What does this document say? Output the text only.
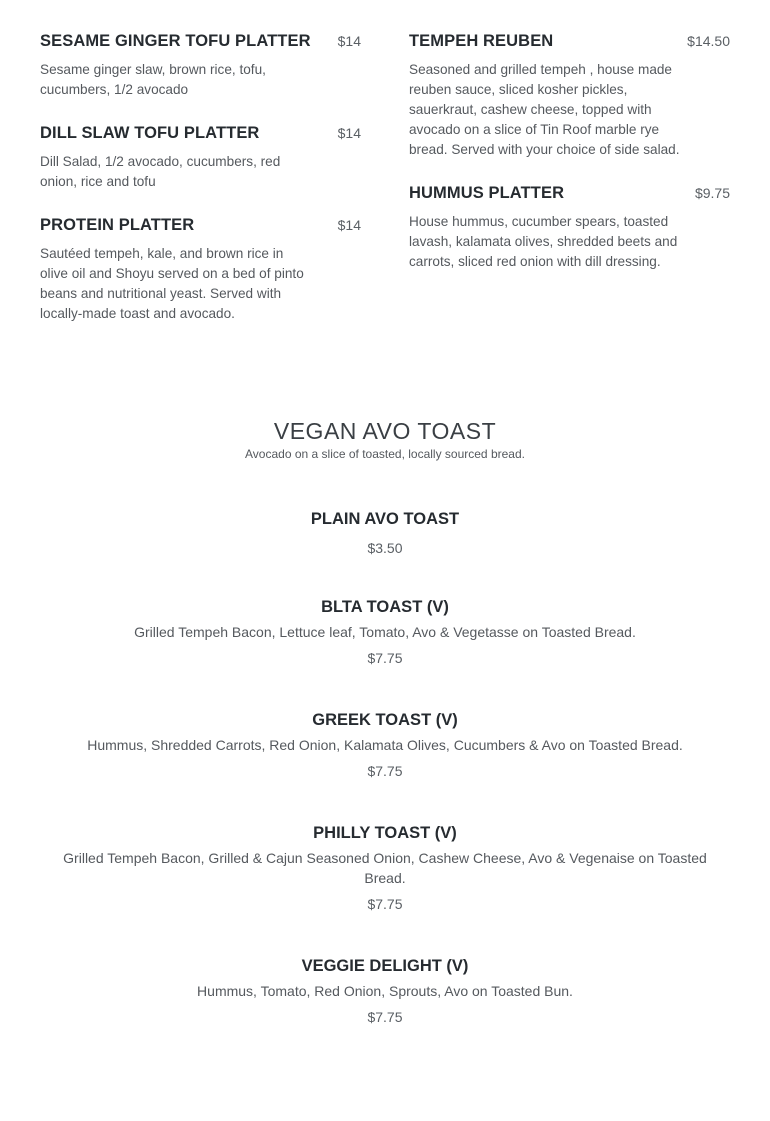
SESAME GINGER TOFU PLATTER $14
Sesame ginger slaw, brown rice, tofu, cucumbers, 1/2 avocado
DILL SLAW TOFU PLATTER	$14
Dill Salad, 1/2 avocado, cucumbers, red onion, rice and tofu
PROTEIN PLATTER	$14
Sautéed tempeh, kale, and brown rice in olive oil and Shoyu served on a bed of pinto beans and nutritional yeast. Served with locally-made toast and avocado.
TEMPEH REUBEN	$14.50
Seasoned and grilled tempeh , house made reuben sauce, sliced kosher pickles, sauerkraut, cashew cheese, topped with avocado on a slice of Tin Roof marble rye bread. Served with your choice of side salad.
HUMMUS PLATTER	$9.75
House hummus, cucumber spears, toasted lavash, kalamata olives, shredded beets and carrots, sliced red onion with dill dressing.
VEGAN AVO TOAST
Avocado on a slice of toasted, locally sourced bread.
PLAIN AVO TOAST
$3.50
BLTA TOAST (V)
Grilled Tempeh Bacon, Lettuce leaf, Tomato, Avo & Vegetasse on Toasted Bread.
$7.75
GREEK TOAST (V)
Hummus, Shredded Carrots, Red Onion, Kalamata Olives, Cucumbers & Avo on Toasted Bread.
$7.75
PHILLY TOAST (V)
Grilled Tempeh Bacon, Grilled & Cajun Seasoned Onion, Cashew Cheese, Avo & Vegenaise on Toasted Bread.
$7.75
VEGGIE DELIGHT (V)
Hummus, Tomato, Red Onion, Sprouts, Avo on Toasted Bun.
$7.75
